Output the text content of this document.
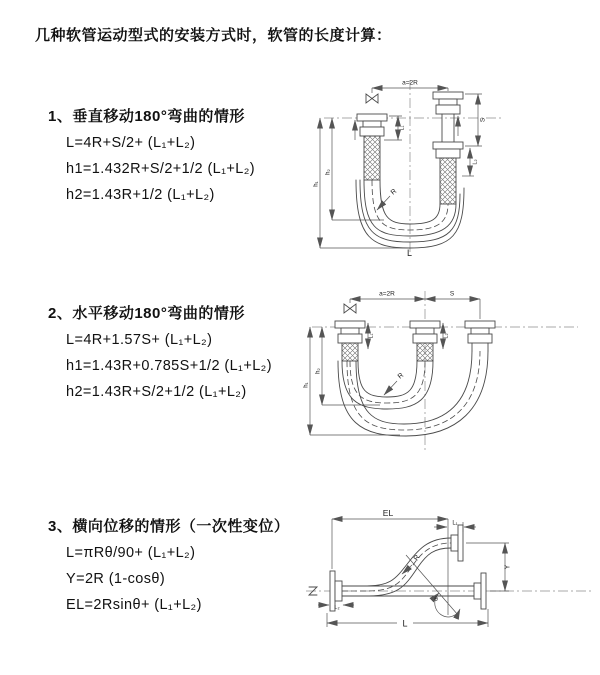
几种软管运动型式的安装方式时，软管的长度计算：
1、垂直移动180°弯曲的情形
L=4R+S/2+ (L₁+L₂)
h1=1.432R+S/2+1/2 (L₁+L₂)
h2=1.43R+1/2 (L₁+L₂)
a=2R
S
L₂
L₁
h₁
h₂
R
L
2、水平移动180°弯曲的情形
L=4R+1.57S+ (L₁+L₂)
h1=1.43R+0.785S+1/2 (L₁+L₂)
h2=1.43R+S/2+1/2 (L₁+L₂)
a=2R	S
L₁	L₂
h₁
h₂
R
3、横向位移的情形（一次性变位）
L=πRθ/90+ (L₁+L₂)
Y=2R (1-cosθ)
EL=2Rsinθ+ (L₁+L₂)
EL
L₁
Y
L
L₂
R
θ
